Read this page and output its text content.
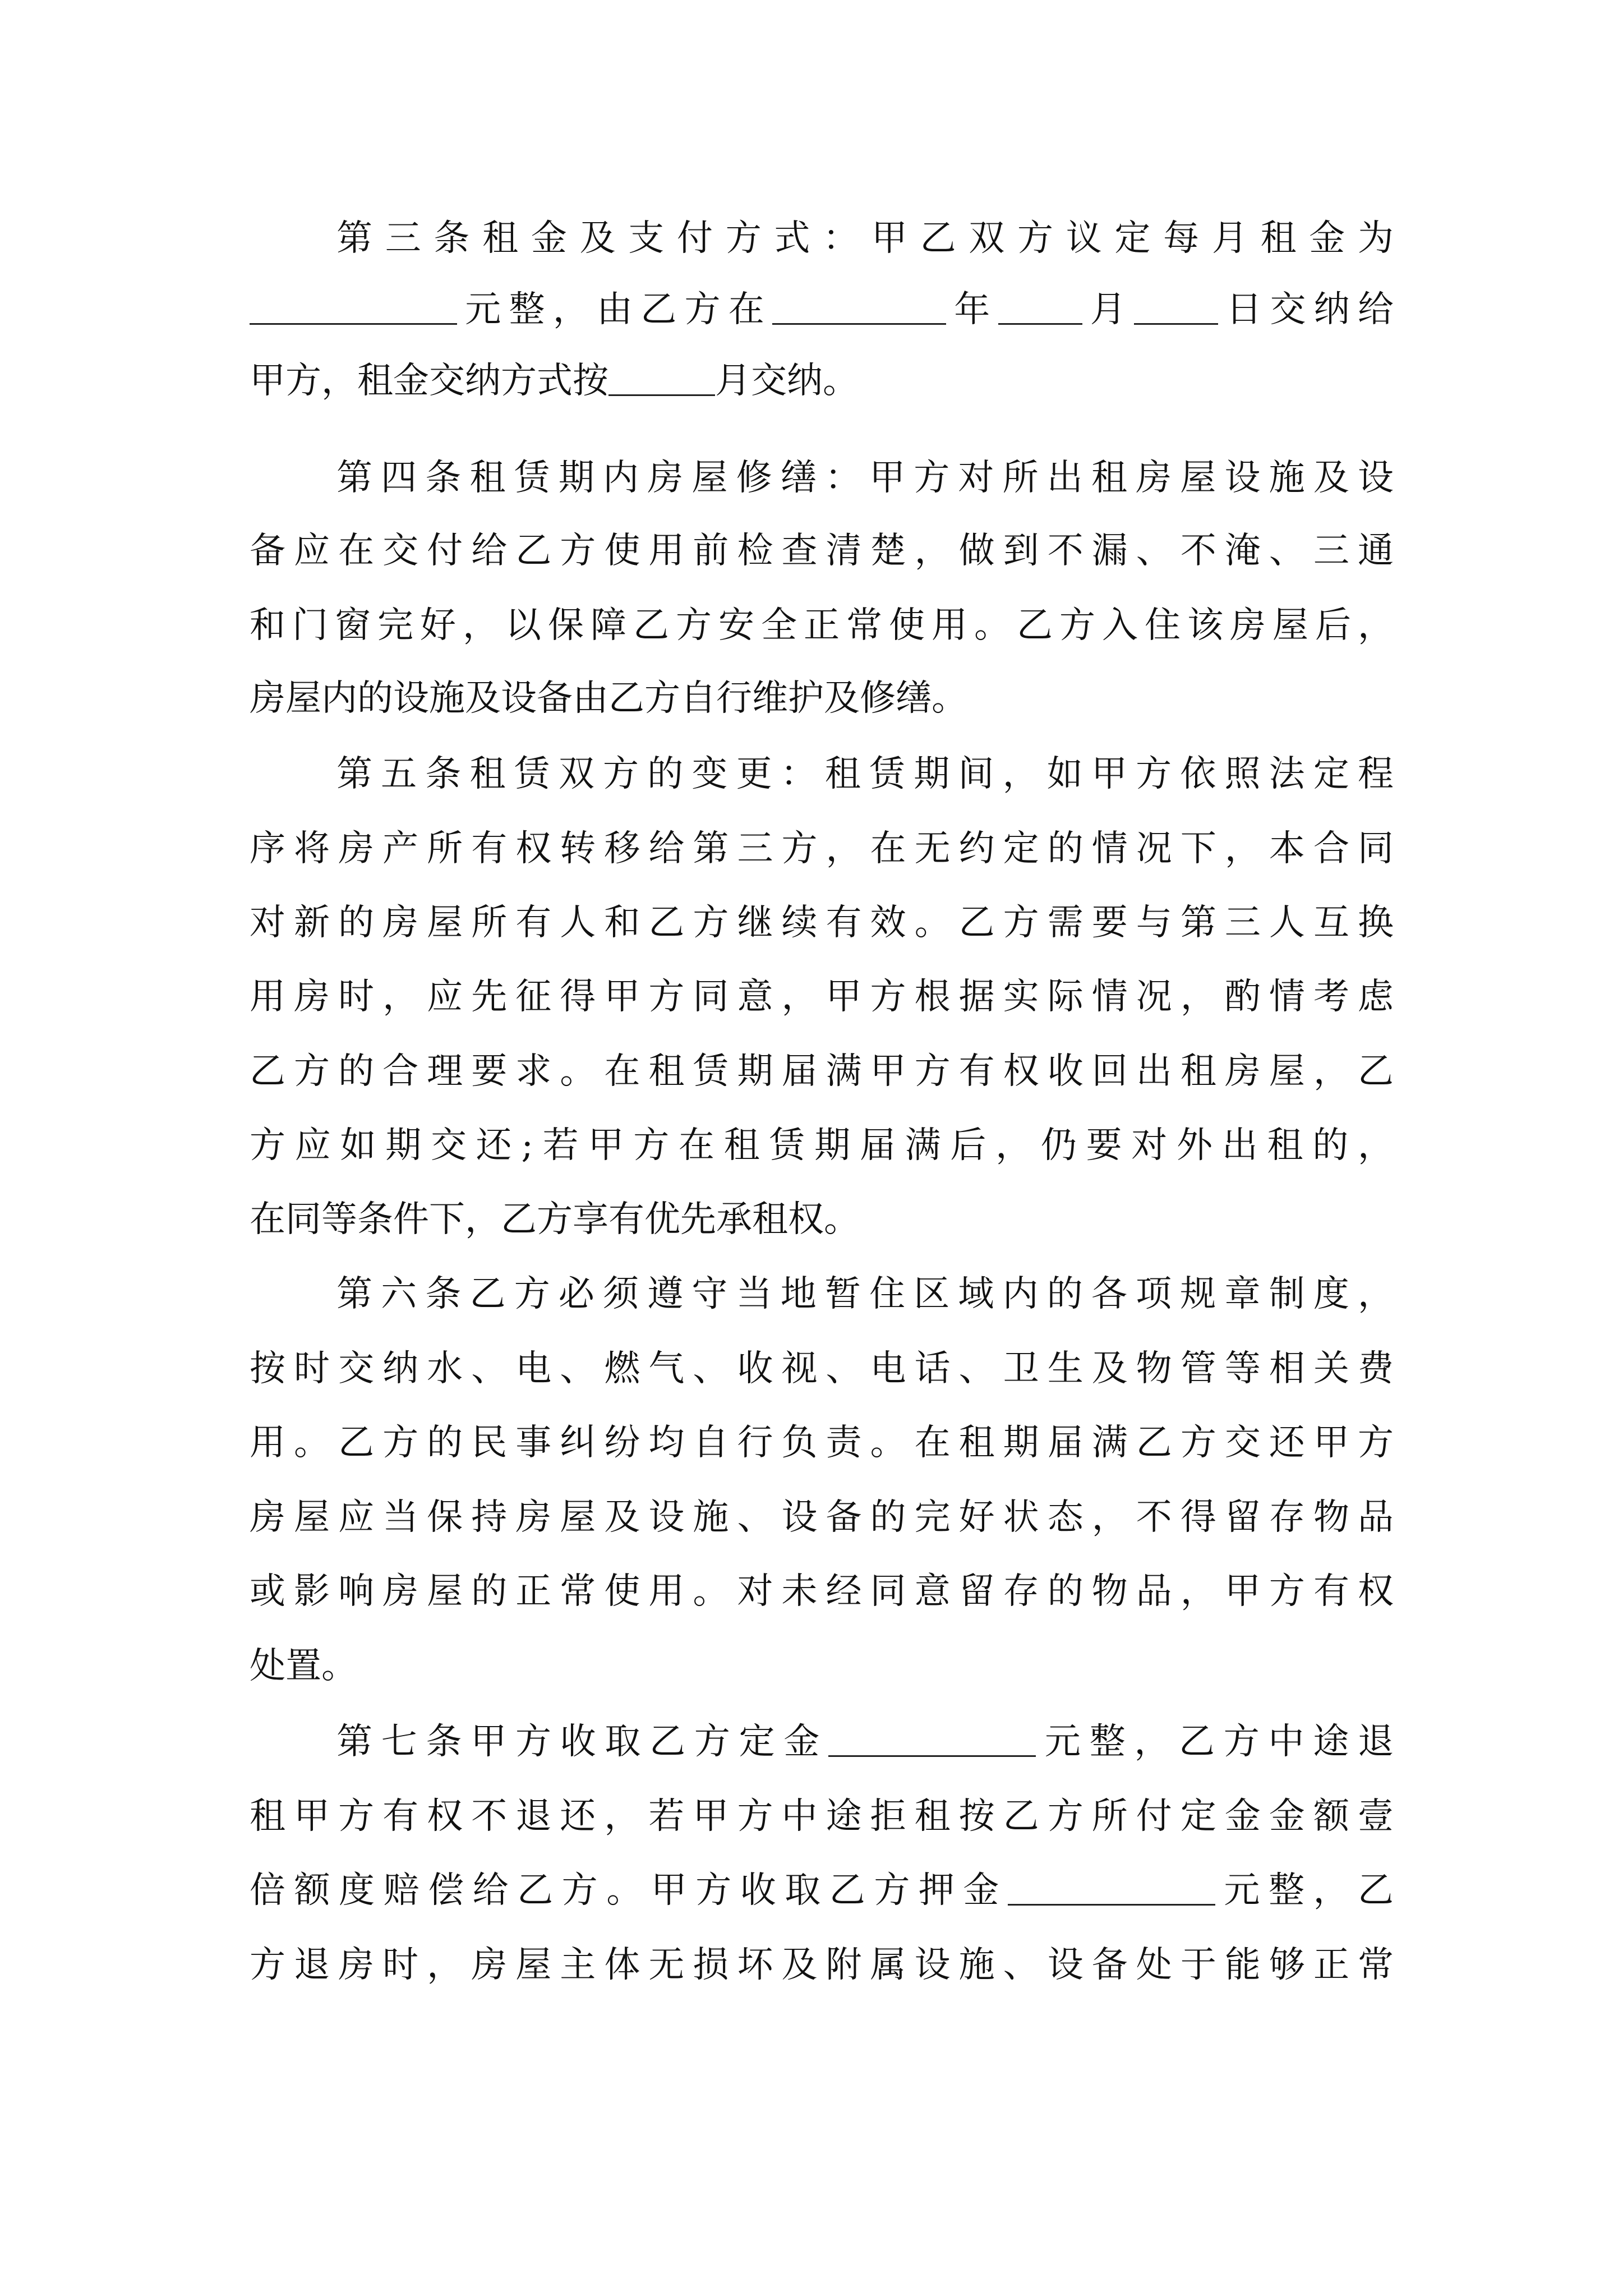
第三条租金及支付方式：甲乙双方议定每月租金为
元整，由乙方在	年 月 日交纳给
甲方，租金交纳方式按	月交纳。
第四条租赁期内房屋修缮：甲方对所出租房屋设施及设
备应在交付给乙方使用前检查清楚，做到不漏、不淹、三通
和门窗完好，以保障乙方安全正常使用。乙方入住该房屋后，
房屋内的设施及设备由乙方自行维护及修缮。
第五条租赁双方的变更：租赁期间，如甲方依照法定程
序将房产所有权转移给第三方，在无约定的情况下，本合同
对新的房屋所有人和乙方继续有效。乙方需要与第三人互换
用房时，应先征得甲方同意，甲方根据实际情况，酌情考虑
乙方的合理要求。在租赁期届满甲方有权收回出租房屋，乙
方应如期交还;若甲方在租赁期届满后，仍要对外出租的，
在同等条件下，乙方享有优先承租权。
第六条乙方必须遵守当地暂住区域内的各项规章制度，
按时交纳水、电、燃气、收视、电话、卫生及物管等相关费
用。乙方的民事纠纷均自行负责。在租期届满乙方交还甲方
房屋应当保持房屋及设施、设备的完好状态，不得留存物品
或影响房屋的正常使用。对未经同意留存的物品，甲方有权
处置。
第七条甲方收取乙方定金	元整，乙方中途退
租甲方有权不退还，若甲方中途拒租按乙方所付定金金额壹
倍额度赔偿给乙方。甲方收取乙方押金	元整，乙
方退房时，房屋主体无损坏及附属设施、设备处于能够正常
